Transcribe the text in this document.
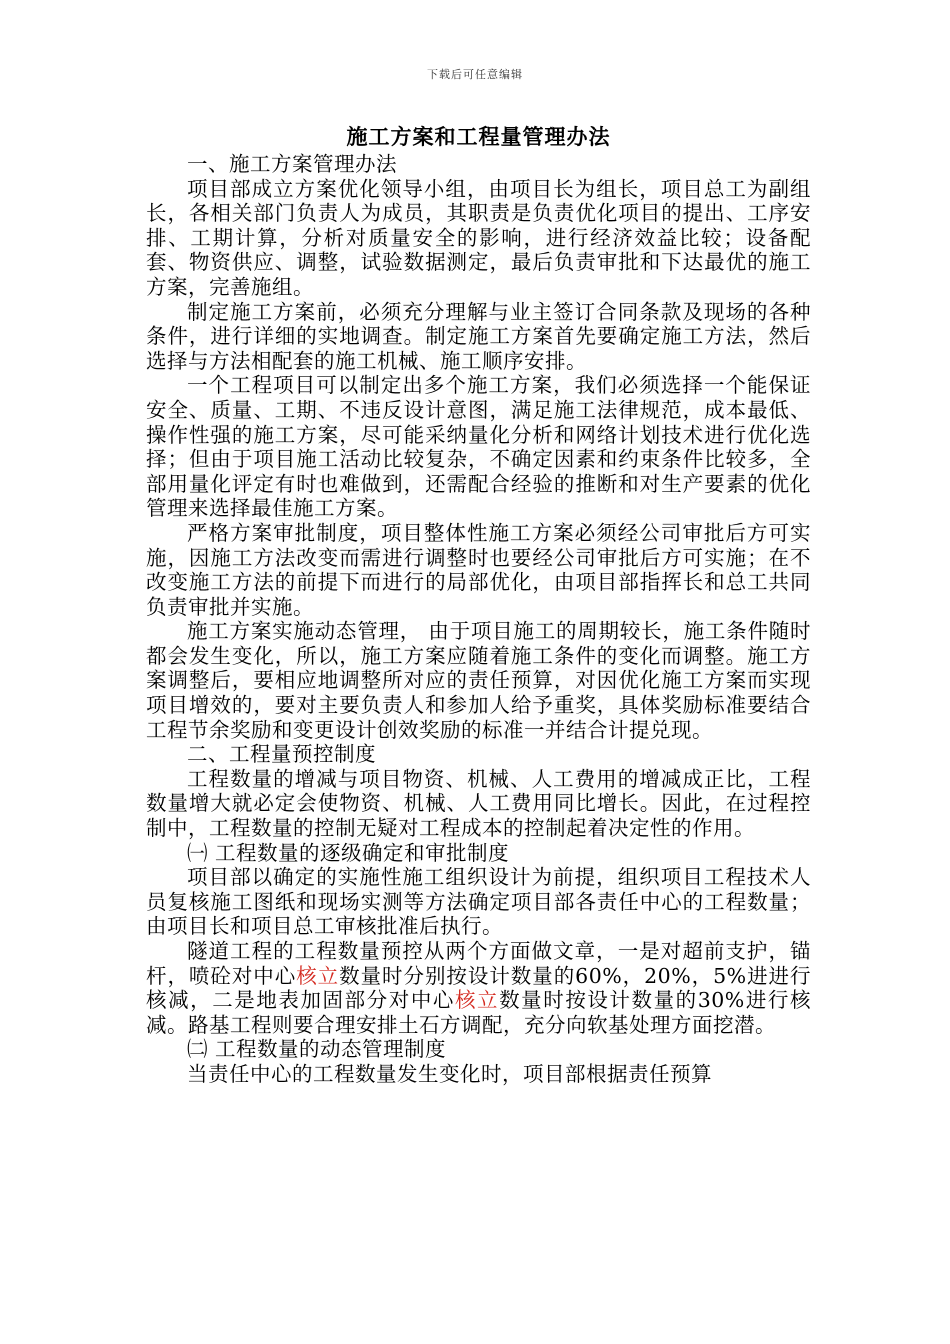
下载后可任意编辑
施工方案和工程量管理办法

一、施工方案管理办法

项目部成立方案优化领导小组，由项目长为组长，项目总工为副组长，各相关部门负责人为成员，其职责是负责优化项目的提出、工序安排、工期计算，分析对质量安全的影响，进行经济效益比较；设备配套、物资供应、调整，试验数据测定，最后负责审批和下达最优的施工方案，完善施组。

制定施工方案前，必须充分理解与业主签订合同条款及现场的各种条件，进行详细的实地调查。制定施工方案首先要确定施工方法，然后选择与方法相配套的施工机械、施工顺序安排。

一个工程项目可以制定出多个施工方案，我们必须选择一个能保证安全、质量、工期、不违反设计意图，满足施工法律规范，成本最低、操作性强的施工方案，尽可能采纳量化分析和网络计划技术进行优化选择；但由于项目施工活动比较复杂，不确定因素和约束条件比较多，全部用量化评定有时也难做到，还需配合经验的推断和对生产要素的优化管理来选择最佳施工方案。

严格方案审批制度，项目整体性施工方案必须经公司审批后方可实施，因施工方法改变而需进行调整时也要经公司审批后方可实施；在不改变施工方法的前提下而进行的局部优化，由项目部指挥长和总工共同负责审批并实施。

施工方案实施动态管理， 由于项目施工的周期较长，施工条件随时都会发生变化，所以，施工方案应随着施工条件的变化而调整。施工方案调整后，要相应地调整所对应的责任预算，对因优化施工方案而实现项目增效的，要对主要负责人和参加人给予重奖，具体奖励标准要结合工程节余奖励和变更设计创效奖励的标准一并结合计提兑现。

二、工程量预控制度

工程数量的增减与项目物资、机械、人工费用的增减成正比，工程数量增大就必定会使物资、机械、人工费用同比增长。因此，在过程控制中，工程数量的控制无疑对工程成本的控制起着决定性的作用。

㈠ 工程数量的逐级确定和审批制度

项目部以确定的实施性施工组织设计为前提，组织项目工程技术人员复核施工图纸和现场实测等方法确定项目部各责任中心的工程数量；由项目长和项目总工审核批准后执行。

隧道工程的工程数量预控从两个方面做文章，一是对超前支护，锚杆，喷砼对中心核立数量时分别按设计数量的60%，20%，5%进进行核减，二是地表加固部分对中心核立数量时按设计数量的30%进行核减。路基工程则要合理安排土石方调配，充分向软基处理方面挖潜。

㈡ 工程数量的动态管理制度

当责任中心的工程数量发生变化时，项目部根据责任预算
